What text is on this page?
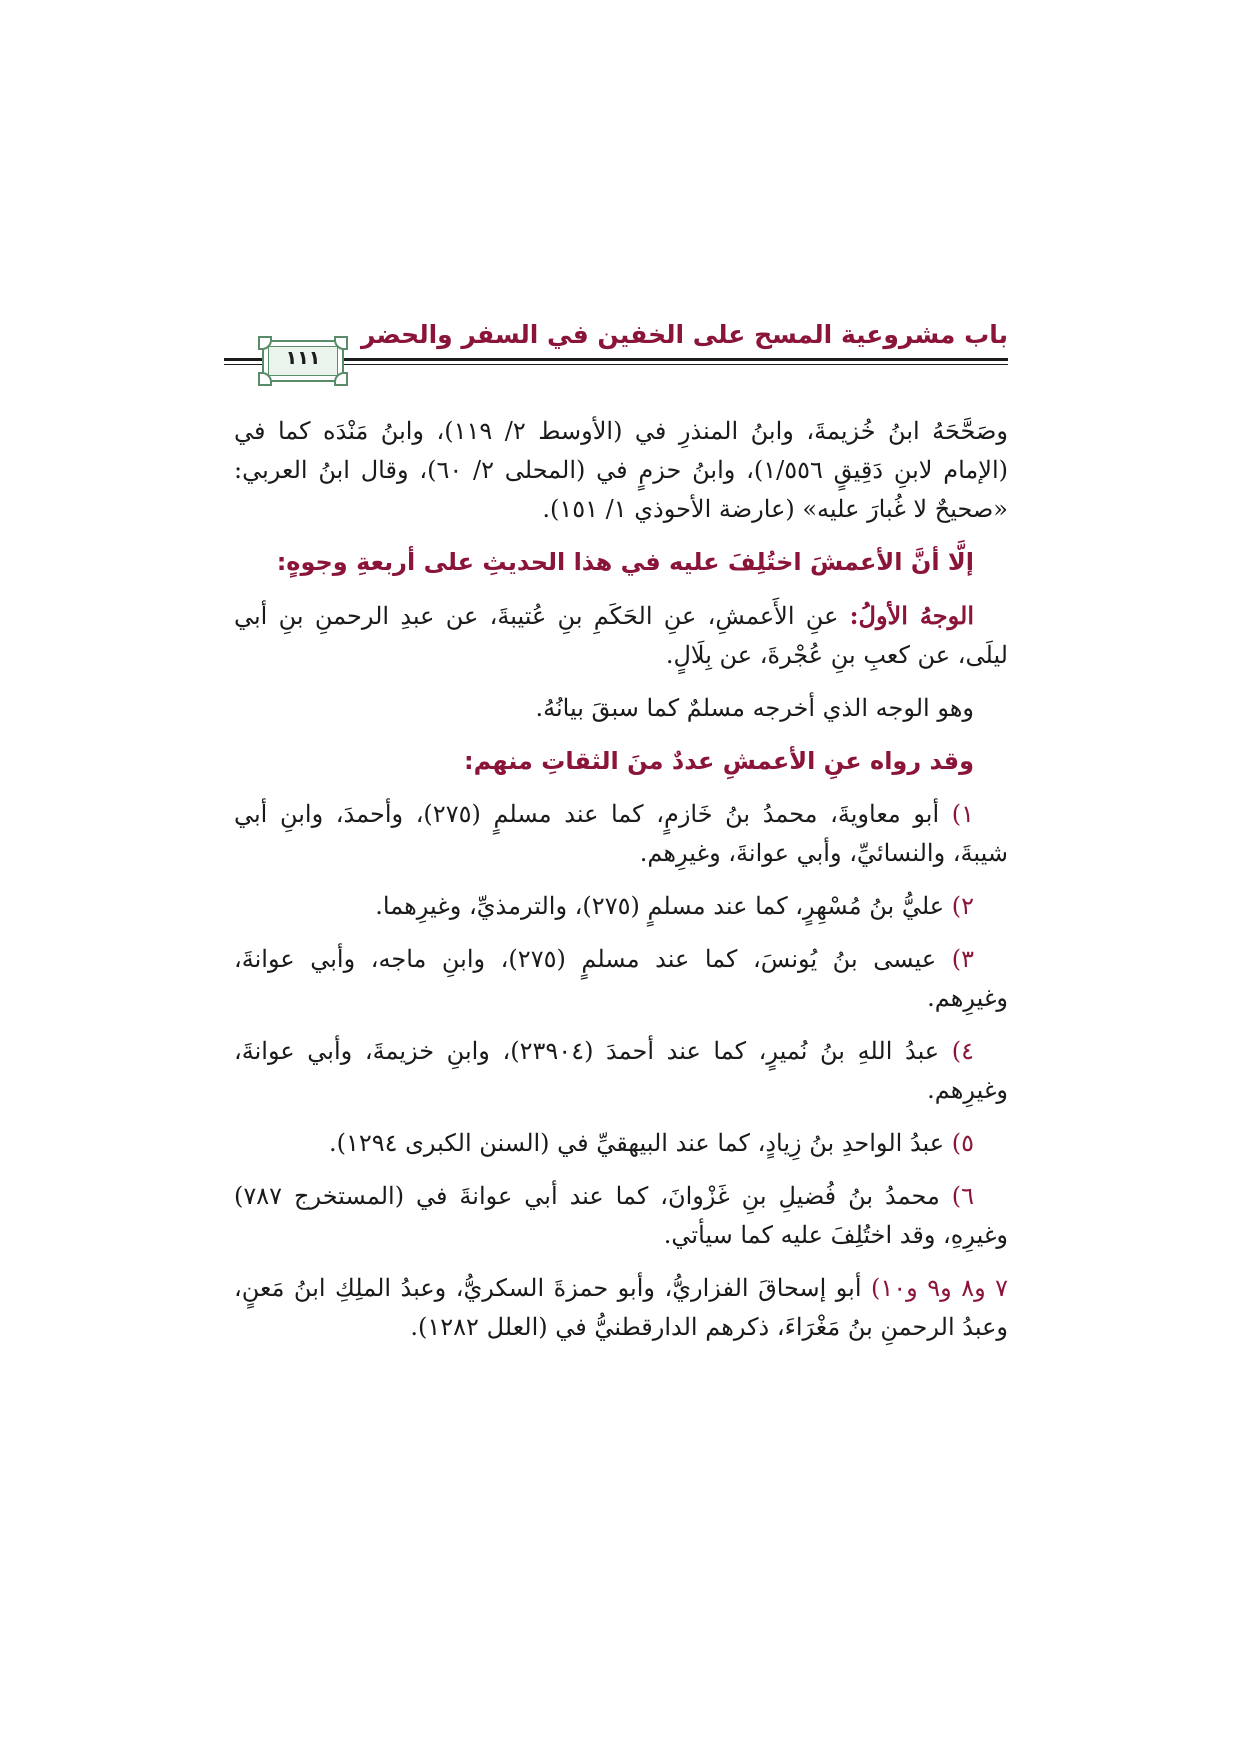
باب مشروعية المسح على الخفين في السفر والحضر
١١١

وصَحَّحَهُ ابنُ خُزيمةَ، وابنُ المنذرِ في (الأوسط ٢/ ١١٩)، وابنُ مَنْدَه كما في (الإمام لابنِ دَقِيقٍ ١/٥٥٦)، وابنُ حزمٍ في (المحلى ٢/ ٦٠)، وقال ابنُ العربي: «صحيحٌ لا غُبارَ عليه» (عارضة الأحوذي ١/ ١٥١).

إلَّا أنَّ الأعمشَ اختُلِفَ عليه في هذا الحديثِ على أربعةِ وجوهٍ:

الوجهُ الأولُ: عنِ الأَعمشِ، عنِ الحَكَمِ بنِ عُتيبةَ، عن عبدِ الرحمنِ بنِ أبي ليلَى، عن كعبِ بنِ عُجْرةَ، عن بِلَالٍ.

وهو الوجه الذي أخرجه مسلمٌ كما سبقَ بيانُهُ.

وقد رواه عنِ الأعمشِ عددٌ منَ الثقاتِ منهم:

١) أبو معاويةَ، محمدُ بنُ خَازمٍ، كما عند مسلمٍ (٢٧٥)، وأحمدَ، وابنِ أبي شيبةَ، والنسائيِّ، وأبي عوانةَ، وغيرِهم.

٢) عليُّ بنُ مُسْهِرٍ، كما عند مسلمٍ (٢٧٥)، والترمذيِّ، وغيرِهما.

٣) عيسى بنُ يُونسَ، كما عند مسلمٍ (٢٧٥)، وابنِ ماجه، وأبي عوانةَ، وغيرِهم.

٤) عبدُ اللهِ بنُ نُميرٍ، كما عند أحمدَ (٢٣٩٠٤)، وابنِ خزيمةَ، وأبي عوانةَ، وغيرِهم.

٥) عبدُ الواحدِ بنُ زِيادٍ، كما عند البيهقيِّ في (السنن الكبرى ١٢٩٤).

٦) محمدُ بنُ فُضيلِ بنِ غَزْوانَ، كما عند أبي عوانةَ في (المستخرج ٧٨٧) وغيرِهِ، وقد اختُلِفَ عليه كما سيأتي.

٧ و٨ و٩ و١٠) أبو إسحاقَ الفزاريُّ، وأبو حمزةَ السكريُّ، وعبدُ الملِكِ ابنُ مَعنٍ، وعبدُ الرحمنِ بنُ مَغْرَاءَ، ذكرهم الدارقطنيُّ في (العلل ١٢٨٢).
